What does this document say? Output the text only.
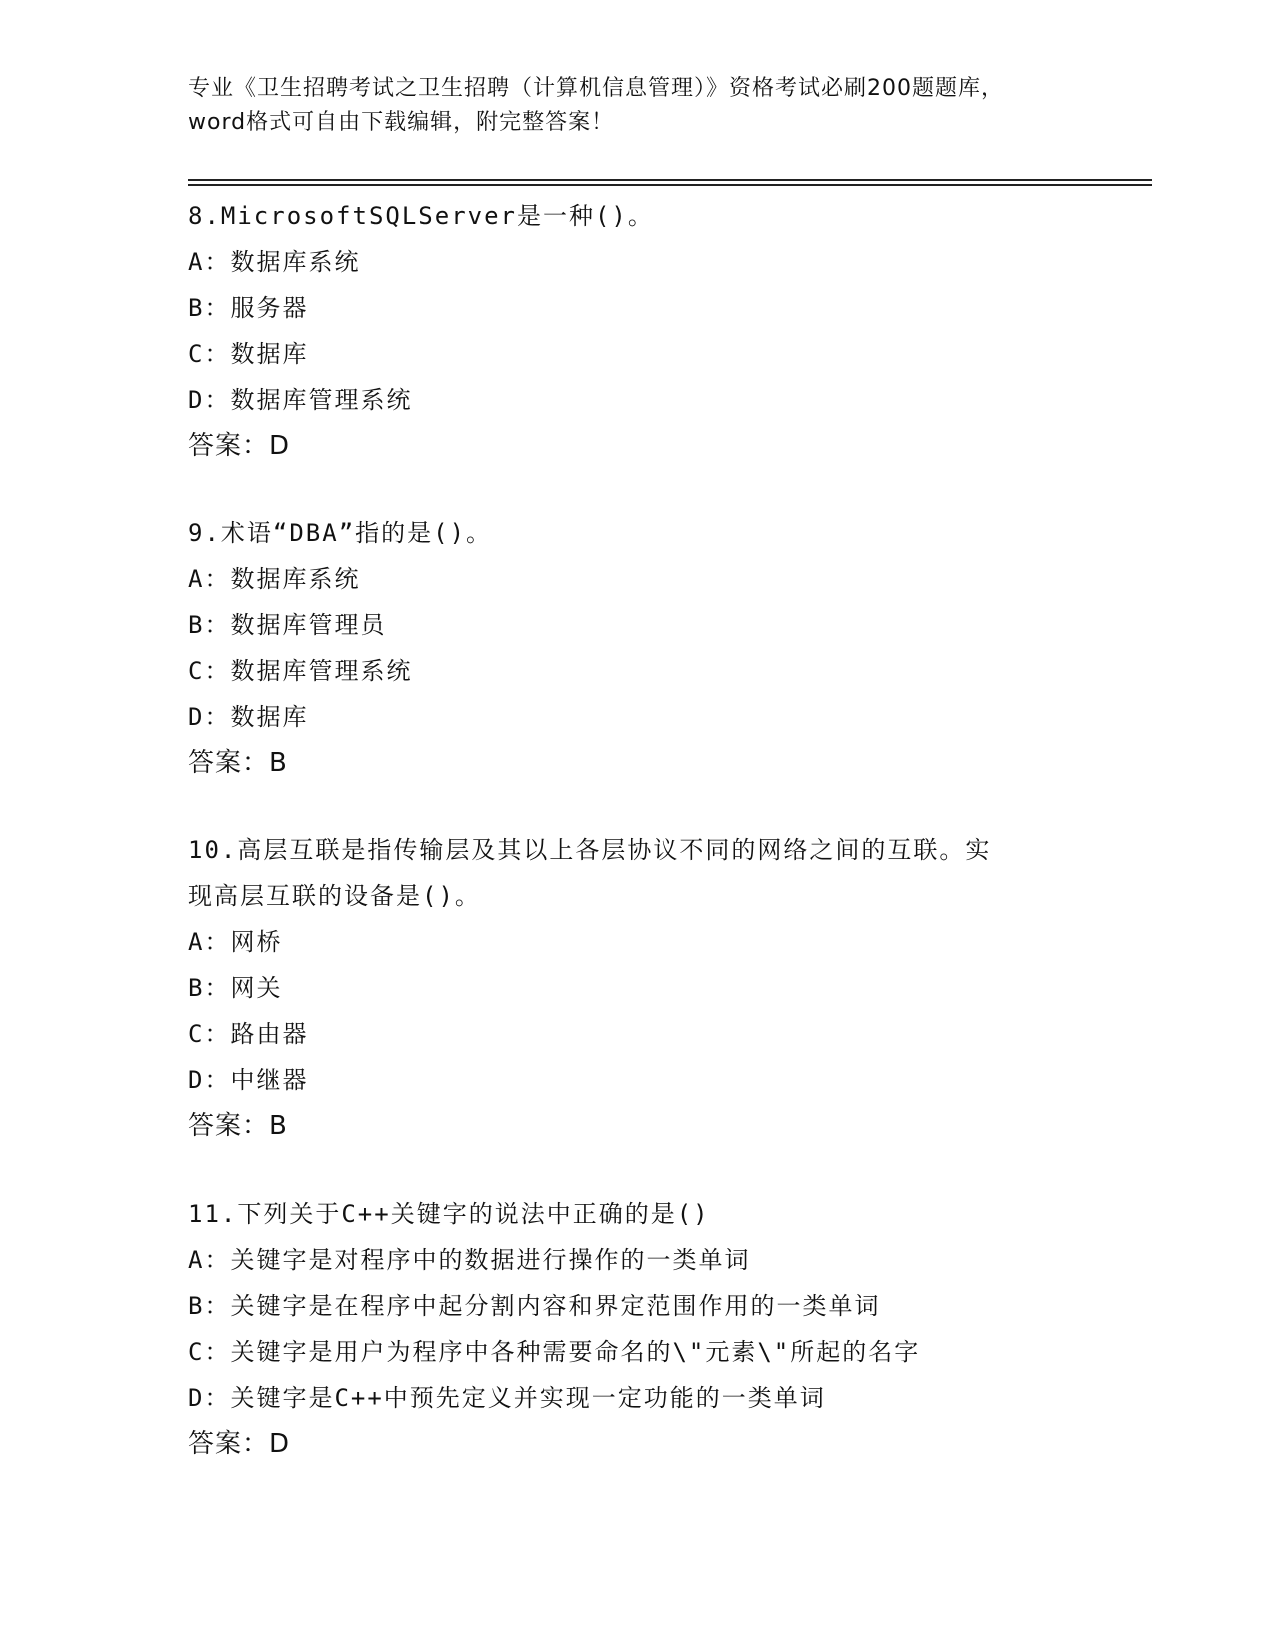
专业《卫生招聘考试之卫生招聘（计算机信息管理）》资格考试必刷200题题库，
word格式可自由下载编辑，附完整答案！
8.MicrosoftSQLServer是一种()。
A：数据库系统
B：服务器
C：数据库
D：数据库管理系统
答案：D
9.术语“DBA”指的是()。
A：数据库系统
B：数据库管理员
C：数据库管理系统
D：数据库
答案：B
10.高层互联是指传输层及其以上各层协议不同的网络之间的互联。实
现高层互联的设备是()。
A：网桥
B：网关
C：路由器
D：中继器
答案：B
11.下列关于C++关键字的说法中正确的是()
A：关键字是对程序中的数据进行操作的一类单词
B：关键字是在程序中起分割内容和界定范围作用的一类单词
C：关键字是用户为程序中各种需要命名的\"元素\"所起的名字
D：关键字是C++中预先定义并实现一定功能的一类单词
答案：D
